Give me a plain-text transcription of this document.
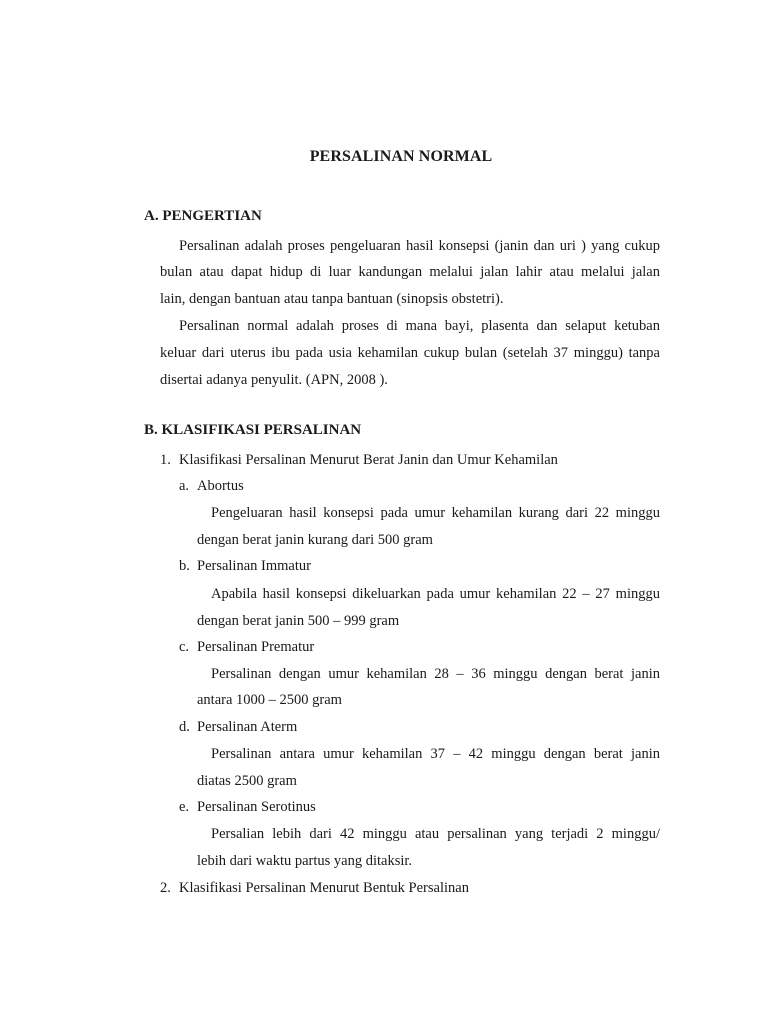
PERSALINAN NORMAL
A. PENGERTIAN
Persalinan adalah proses pengeluaran hasil konsepsi (janin dan uri ) yang cukup
bulan atau dapat hidup di luar kandungan melalui jalan lahir atau melalui jalan
lain, dengan bantuan atau tanpa bantuan (sinopsis obstetri).
Persalinan normal adalah proses di mana bayi, plasenta dan selaput ketuban
keluar dari uterus ibu pada usia kehamilan cukup bulan (setelah 37 minggu) tanpa
disertai adanya penyulit. (APN, 2008 ).
B. KLASIFIKASI PERSALINAN
1. Klasifikasi Persalinan Menurut Berat Janin dan Umur Kehamilan
a. Abortus
Pengeluaran hasil konsepsi pada umur kehamilan kurang dari 22 minggu
dengan berat janin kurang dari 500 gram
b. Persalinan Immatur
Apabila hasil konsepsi dikeluarkan pada umur kehamilan 22 – 27 minggu
dengan berat janin 500 – 999 gram
c. Persalinan Prematur
Persalinan dengan umur kehamilan 28 – 36 minggu dengan berat janin
antara 1000 – 2500 gram
d. Persalinan Aterm
Persalinan antara umur kehamilan 37 – 42 minggu dengan berat janin
diatas 2500 gram
e. Persalinan Serotinus
Persalian lebih dari 42 minggu atau persalinan yang terjadi 2 minggu/
lebih dari waktu partus yang ditaksir.
2. Klasifikasi Persalinan Menurut Bentuk Persalinan
